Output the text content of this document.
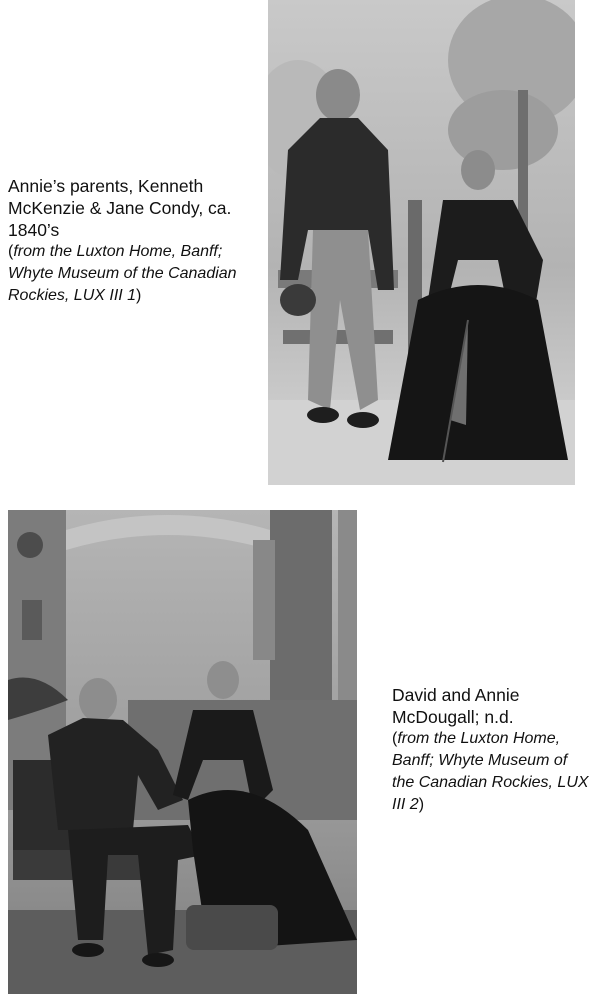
Annie’s parents, Kenneth McKenzie & Jane Condy, ca. 1840’s
(from the Luxton Home, Banff; Whyte Museum of the Canadian Rockies, LUX III 1)
David and Annie McDougall; n.d.
(from the Luxton Home, Banff; Whyte Museum of the Canadian Rockies, LUX III 2)
